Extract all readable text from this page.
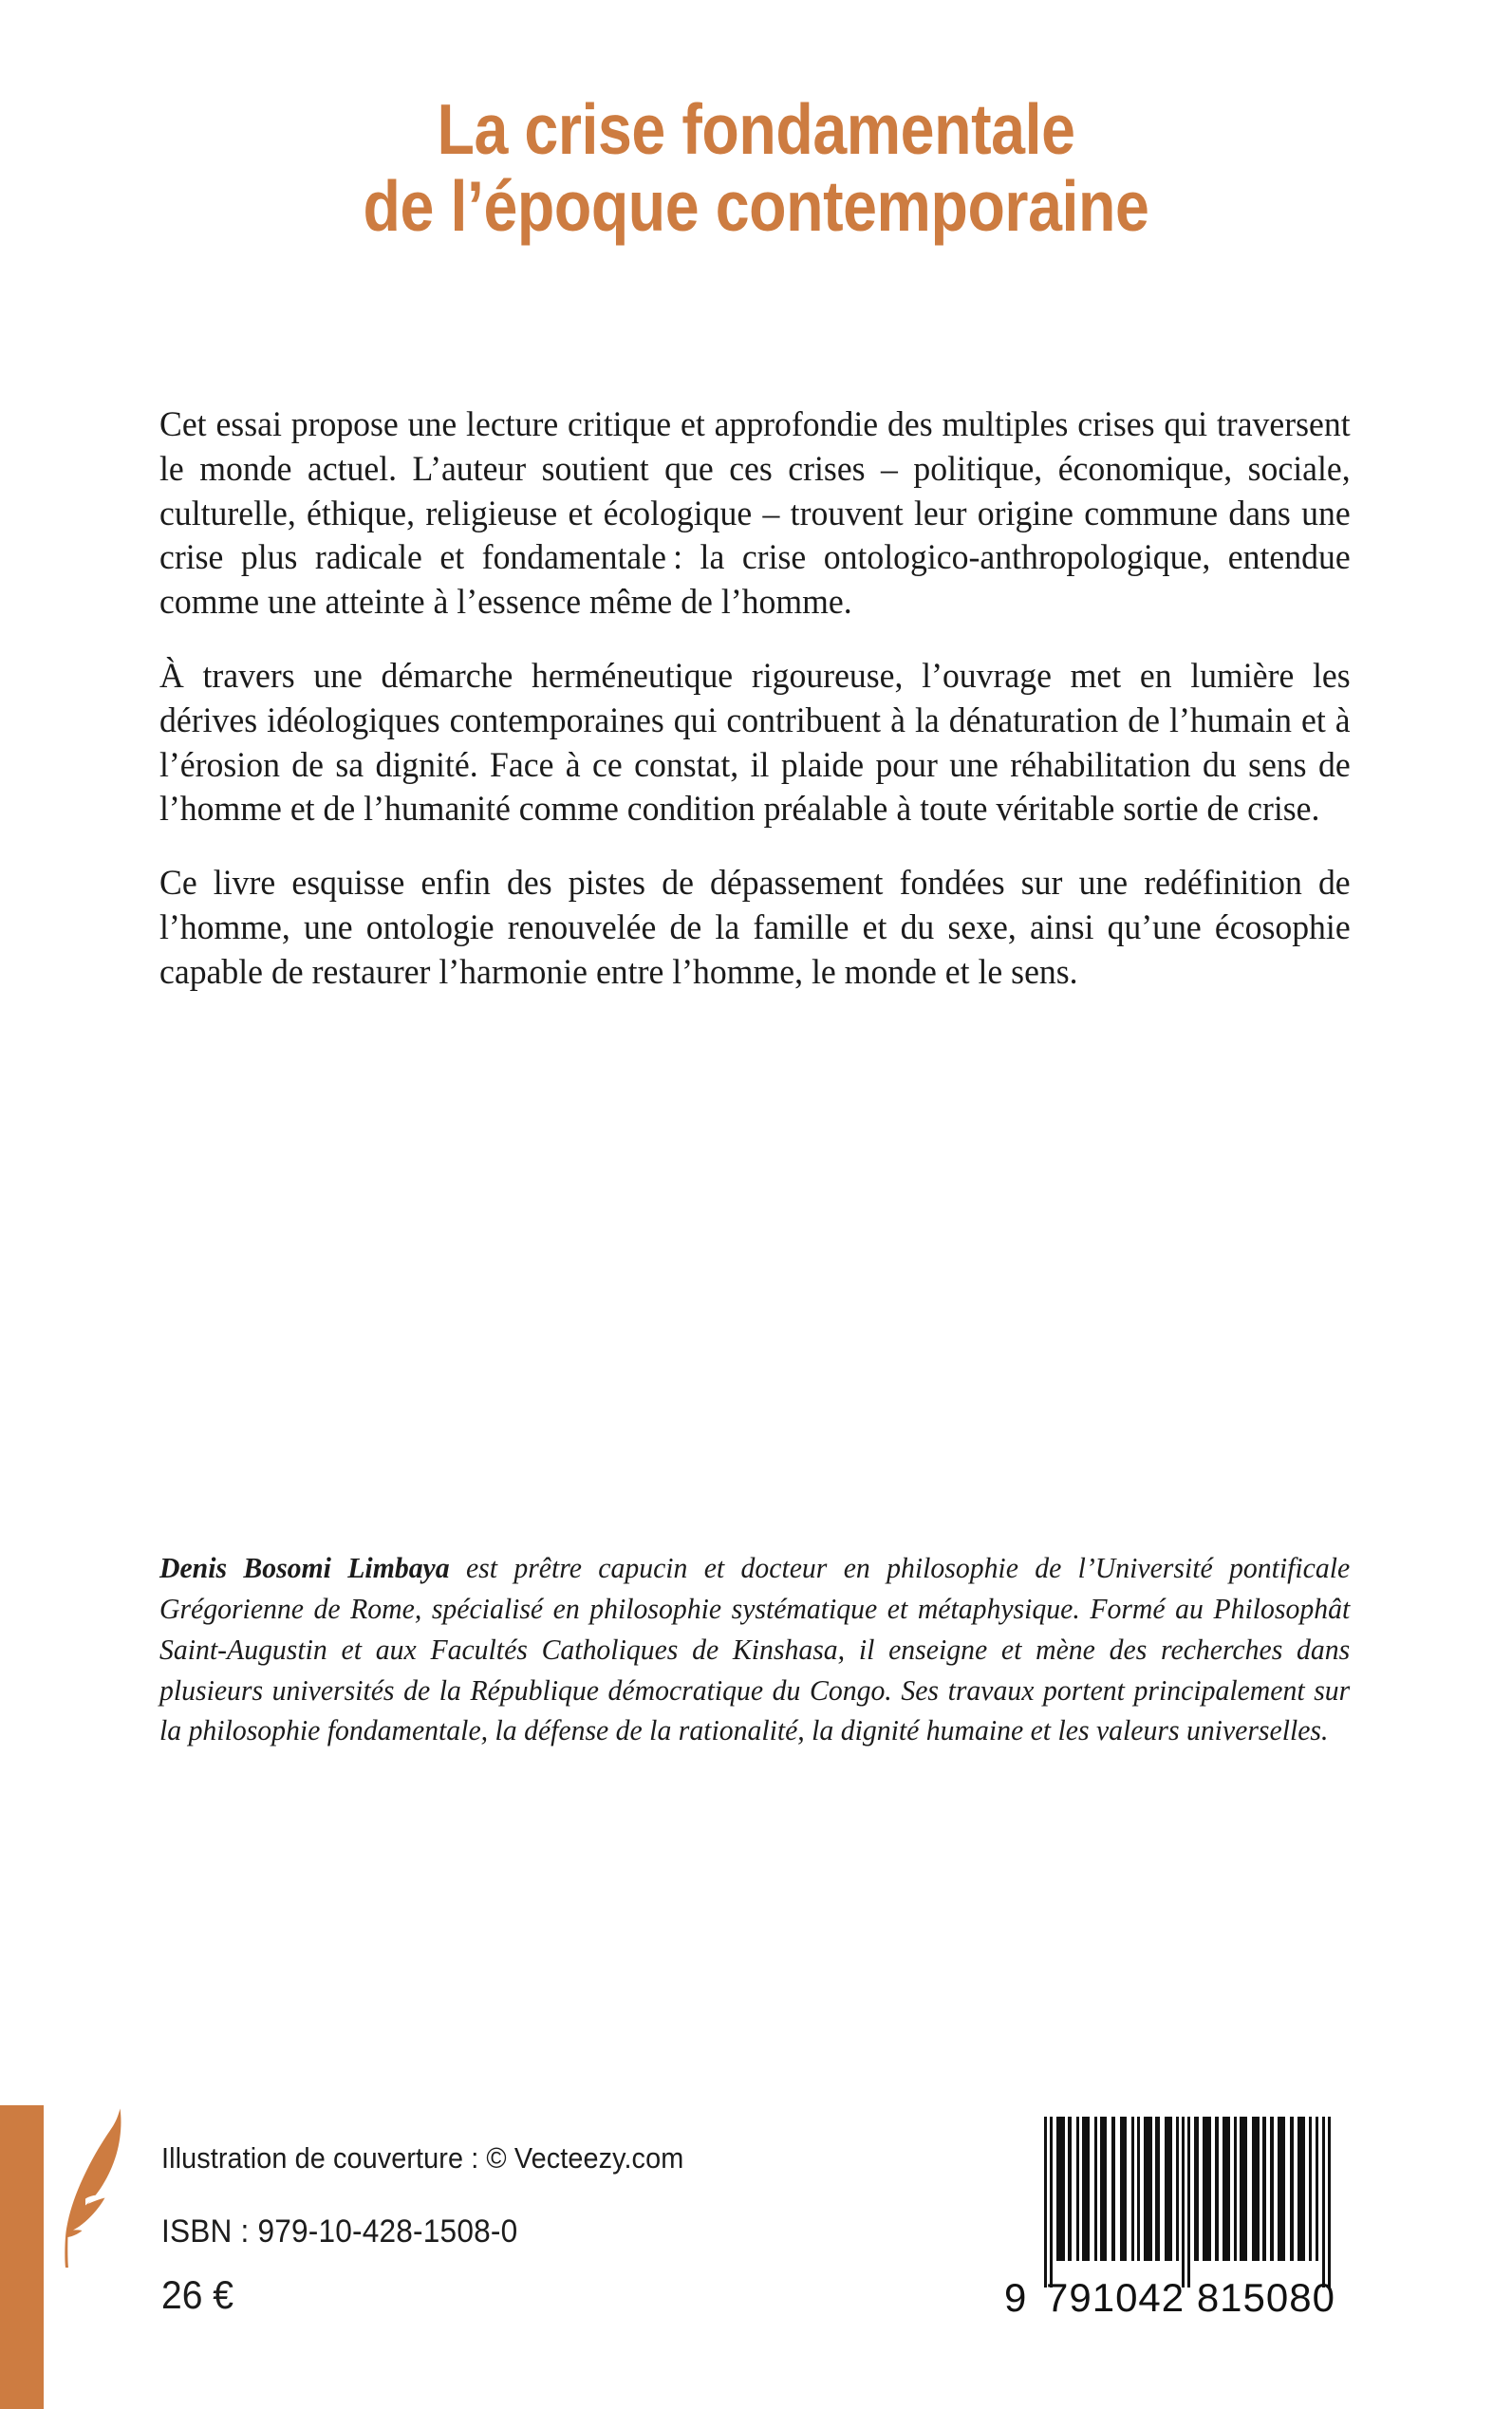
La crise fondamentale
de l’époque contemporaine

Cet essai propose une lecture critique et approfondie des multiples crises qui traversent le monde actuel. L’auteur soutient que ces crises – politique, économique, sociale, culturelle, éthique, religieuse et écologique – trouvent leur origine commune dans une crise plus radicale et fondamentale : la crise ontologico-anthropologique, entendue comme une atteinte à l’essence même de l’homme.

À travers une démarche herméneutique rigoureuse, l’ouvrage met en lumière les dérives idéologiques contemporaines qui contribuent à la dénaturation de l’humain et à l’érosion de sa dignité. Face à ce constat, il plaide pour une réhabilitation du sens de l’homme et de l’humanité comme condition préalable à toute véritable sortie de crise.

Ce livre esquisse enfin des pistes de dépassement fondées sur une redéfinition de l’homme, une ontologie renouvelée de la famille et du sexe, ainsi qu’une écosophie capable de restaurer l’harmonie entre l’homme, le monde et le sens.

Denis Bosomi Limbaya est prêtre capucin et docteur en philosophie de l’Université pontificale Grégorienne de Rome, spécialisé en philosophie systématique et métaphysique. Formé au Philosophât Saint-Augustin et aux Facultés Catholiques de Kinshasa, il enseigne et mène des recherches dans plusieurs universités de la République démocratique du Congo. Ses travaux portent principalement sur la philosophie fondamentale, la défense de la rationalité, la dignité humaine et les valeurs universelles.

Illustration de couverture : © Vecteezy.com
ISBN : 979-10-428-1508-0
26 €	9 791042 815080
